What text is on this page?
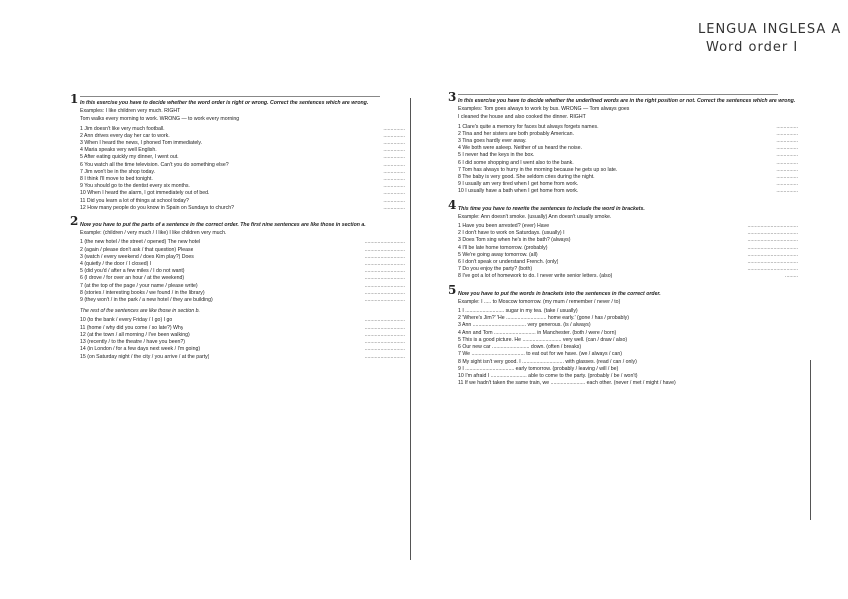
LENGUA INGLESA A
Word order I
1 In this exercise you have to decide whether the word order is right or wrong. Correct the sentences which are wrong.
Examples: I like children very much. RIGHT
Tom walks every morning to work. WRONG — to work every morning
1 Jim doesn't like very much football.	...............
2 Ann drives every day her car to work.	...............
3 When I heard the news, I phoned Tom immediately.	...............
4 Maria speaks very well English.	...............
5 After eating quickly my dinner, I went out.	...............
6 You watch all the time television. Can't you do something else?	...............
7 Jim won't be in the shop today.	...............
8 I think I'll move to bed tonight.	...............
9 You should go to the dentist every six months.	...............
10 When I heard the alarm, I got immediately out of bed.	...............
11 Did you learn a lot of things at school today?	...............
12 How many people do you know in Spain on Sundays to church?	...............
2 Now you have to put the parts of a sentence in the correct order. The first nine sentences are like those in section a.
Example: (children / very much / I like) I like children very much.
1 (the new hotel / the street / opened) The new hotel	............................
2 (again / please don't ask / that question) Please	............................
3 (watch / every weekend / does Kim play?) Does	............................
4 (quietly / the door / I closed) I	............................
5 (did you'd / after a few miles / I do not want)	............................
6 (I drove / for over an hour / at the weekend)	............................
7 (at the top of the page / your name / please write)	............................
8 (stories / interesting books / we found / in the library)	............................
9 (they won't / in the park / a new hotel / they are building)	............................
The rest of the sentences are like those in section b.
10 (to the bank / every Friday / I go) I go	............................
11 (home / why did you come / so late?) Why	............................
12 (at the town / all morning / I've been walking)	............................
13 (recently / to the theatre / have you been?)	............................
14 (in London / for a few days next week / I'm going)	............................
15 (on Saturday night / the city / you arrive / at the party)	............................
3 In this exercise you have to decide whether the underlined words are in the right position or not. Correct the sentences which are wrong.
Examples: Tom goes always to work by bus. WRONG — Tom always goes
I cleaned the house and also cooked the dinner. RIGHT
1 Clare's quite a memory for faces but always forgets names.	...............
2 Tina and her sisters are both probably American.	...............
3 Tina goes hardly ever away.	...............
4 We both were asleep. Neither of us heard the noise.	...............
5 I never had the keys in the box.	...............
6 I did some shopping and I went also to the bank.	...............
7 Tom has always to hurry in the morning because he gets up so late.	...............
8 The baby is very good. She seldom cries during the night.	...............
9 I usually am very tired when I get home from work.	...............
10 I usually have a bath when I get home from work.	...............
4 This time you have to rewrite the sentences to include the word in brackets.
Example: Ann doesn't smoke. (usually) Ann doesn't usually smoke.
1 Have you been arrested? (ever) Have	...................................
2 I don't have to work on Saturdays. (usually) I	...................................
3 Does Tom sing when he's in the bath? (always)	...................................
4 I'll be late home tomorrow. (probably)	...................................
5 We're going away tomorrow. (all)	...................................
6 I don't speak or understand French. (only)	...................................
7 Do you enjoy the party? (both)	...................................
8 I've got a lot of homework to do. I never write senior letters. (also)	.........
5 Now you have to put the words in brackets into the sentences in the correct order.
Example: I ..... to Moscow tomorrow. (my mum / remember / never / to)
1 I ........................... sugar in my tea. (take / usually)
2 'Where's Jim?' 'He ............................ home early.' (gone / has / probably)
3 Ann ..................................... very generous. (is / always)
4 Ann and Tom ............................. in Manchester. (both / were / born)
5 This is a good picture. He ........................... very well. (can / draw / also)
6 Our new car .......................... down. (often / breaks)
7 We ..................................... to eat out for we have. (we / always / can)
8 My sight isn't very good. I ............................. with glasses. (read / can / only)
9 I .................................. early tomorrow. (probably / leaving / will / be)
10 I'm afraid I ......................... able to come to the party. (probably / be / won't)
11 If we hadn't taken the same train, we ........................ each other. (never / met / might / have)
